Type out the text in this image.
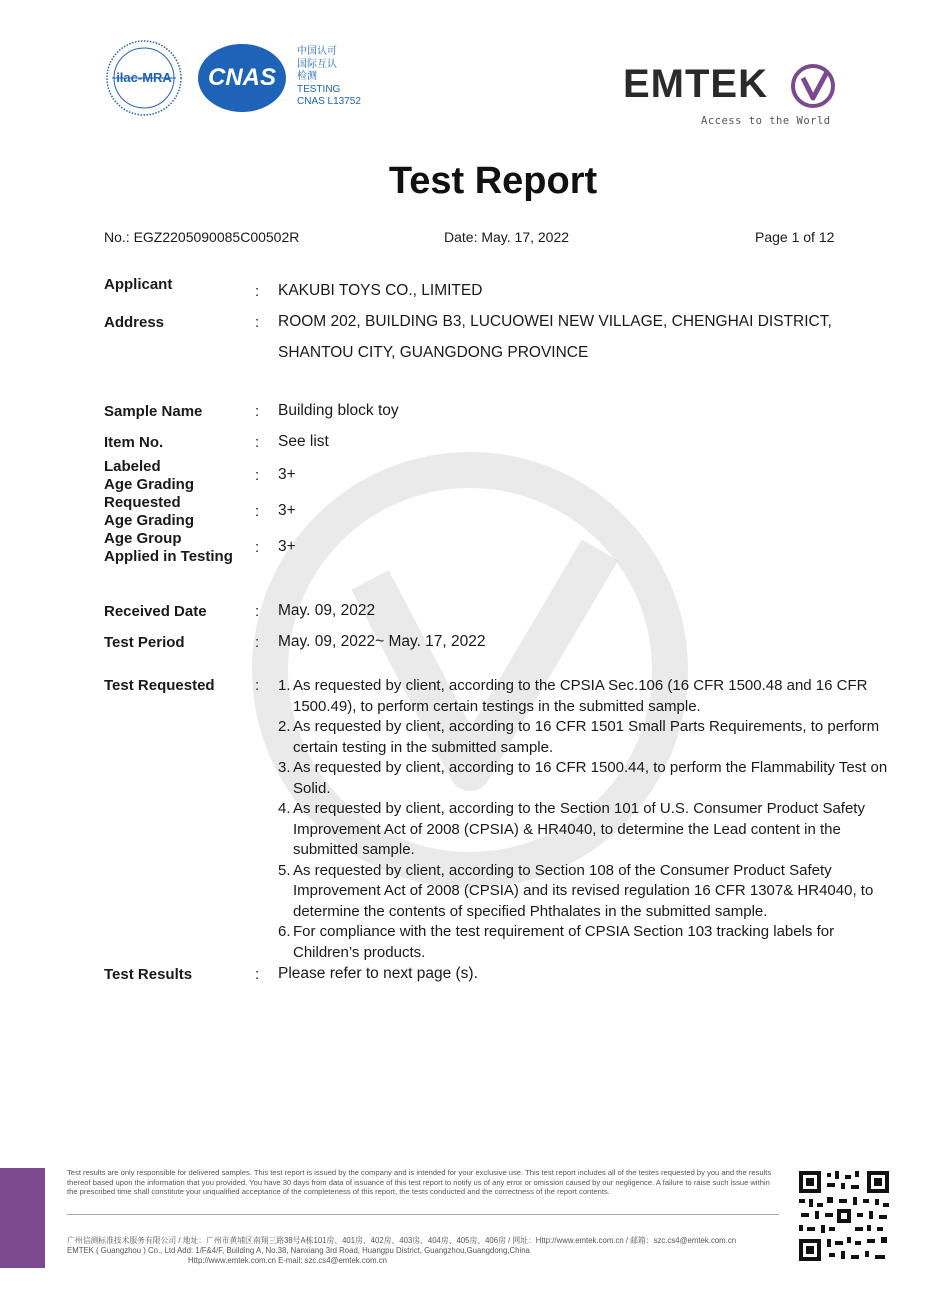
ilac-MRA CNAS
中国认可
国际互认
检测
TESTING
CNAS L13752	EMTEK
Access to the World
Test Report
No.: EGZ2205090085C00502R	Date: May. 17, 2022	Page 1 of 12
Applicant	: KAKUBI TOYS CO., LIMITED
Address	: ROOM 202, BUILDING B3, LUCUOWEI NEW VILLAGE, CHENGHAI DISTRICT,
SHANTOU CITY, GUANGDONG PROVINCE
Sample Name	: Building block toy
Item No.	: See list
Labeled
Age Grading
: 3+
Requested
Age Grading
: 3+
Age Group
Applied in Testing
: 3+
Received Date	: May. 09, 2022
Test Period	: May. 09, 2022~ May. 17, 2022
Test Requested	: 1. As requested by client, according to the CPSIA Sec.106 (16 CFR 1500.48 and 16 CFR 1500.49), to perform certain testings in the submitted sample.
2. As requested by client, according to 16 CFR 1501 Small Parts Requirements, to perform certain testing in the submitted sample.
3. As requested by client, according to 16 CFR 1500.44, to perform the Flammability Test on Solid.
4. As requested by client, according to the Section 101 of U.S. Consumer Product Safety Improvement Act of 2008 (CPSIA) & HR4040, to determine the Lead content in the submitted sample.
5. As requested by client, according to Section 108 of the Consumer Product Safety Improvement Act of 2008 (CPSIA) and its revised regulation 16 CFR 1307& HR4040, to determine the contents of specified Phthalates in the submitted sample.
6. For compliance with the test requirement of CPSIA Section 103 tracking labels for Children’s products.
Test Results	: Please refer to next page (s).
Test results are only responsible for delivered samples. This test report is issued by the company and is intended for your exclusive use. This test report includes all of the testes requested by you and the results thereof based upon the information that you provided. You have 30 days from data of issuance of this test report to notify us of any error or omission caused by our negligence. A failure to raise such issue within the prescribed time shall constitute your unqualified acceptance of the completeness of this report, the tests conducted and the correctness of the report contents.
广州信测标准技术服务有限公司 / 地址：广州市黄埔区南翔三路38号A栋101房、401房、402房、403房、404房、405房、406房 / 网址：Http://www.emtek.com.cn / 邮箱：szc.cs4@emtek.com.cn
EMTEK ( Guangzhou ) Co., Ltd Add: 1/F&4/F, Building A, No.38, Nanxiang 3rd Road, Huangpu District, Guangzhou,Guangdong,China
Http://www.emtek.com.cn E-mail: szc.cs4@emtek.com.cn
